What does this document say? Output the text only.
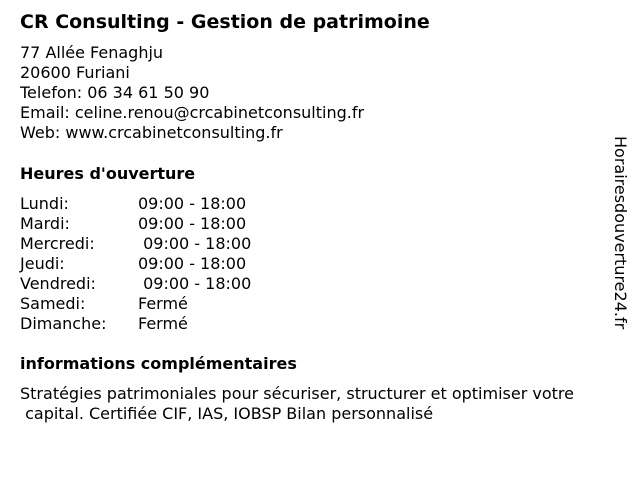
CR Consulting - Gestion de patrimoine
77 Allée Fenaghju
20600 Furiani
Telefon: 06 34 61 50 90
Email: celine.renou@crcabinetconsulting.fr
Web: www.crcabinetconsulting.fr
Heures d'ouverture
Lundi:	09:00 - 18:00
Mardi:	09:00 - 18:00
Mercredi:	09:00 - 18:00
Jeudi:	09:00 - 18:00
Vendredi:	09:00 - 18:00
Samedi:	Fermé
Dimanche:	Fermé
informations complémentaires
Stratégies patrimoniales pour sécuriser, structurer et optimiser votre
capital. Certifiée CIF, IAS, IOBSP Bilan personnalisé
Horairesdouverture24.fr
